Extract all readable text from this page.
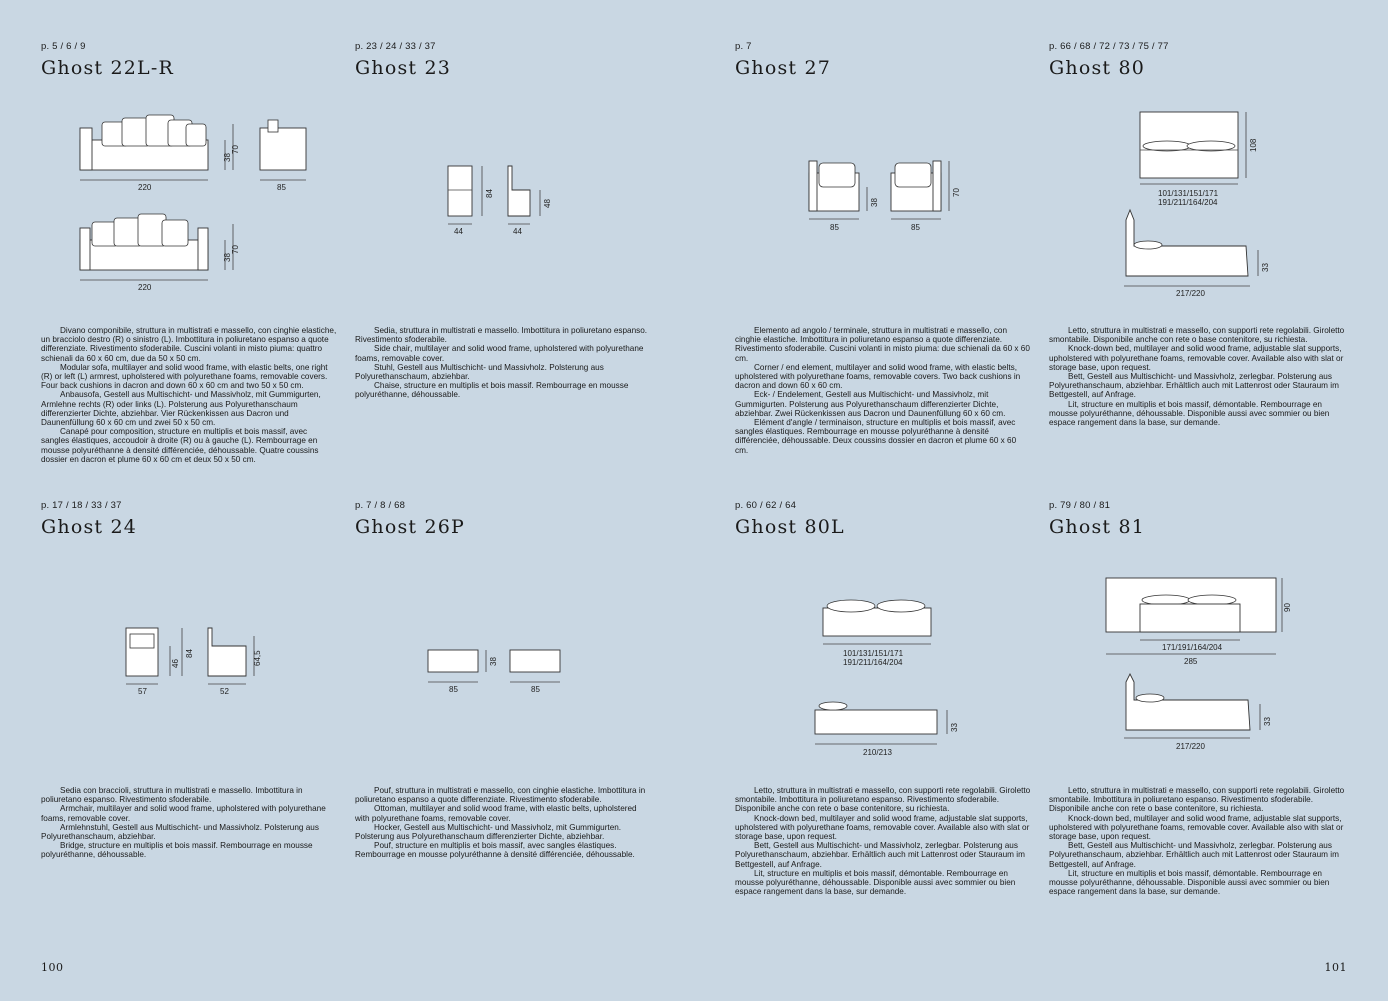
p. 5 / 6 / 9
Ghost 22L-R
220
38
70
85
220
38
70

Divano componibile, struttura in multistrati e massello, con cinghie elastiche, un bracciolo destro (R) o sinistro (L). Imbottitura in poliuretano espanso a quote differenziate. Rivestimento sfoderabile. Cuscini volanti in misto piuma: quattro schienali da 60 x 60 cm, due da 50 x 50 cm.

Modular sofa, multilayer and solid wood frame, with elastic belts, one right (R) or left (L) armrest, upholstered with polyurethane foams, removable covers. Four back cushions in dacron and down 60 x 60 cm and two 50 x 50 cm.

Anbausofa, Gestell aus Multischicht- und Massivholz, mit Gummigurten, Armlehne rechts (R) oder links (L). Polsterung aus Polyurethanschaum differenzierter Dichte, abziehbar. Vier Rückenkissen aus Dacron und Daunenfüllung 60 x 60 cm und zwei 50 x 50 cm.

Canapé pour composition, structure en multiplis et bois massif, avec sangles élastiques, accoudoir à droite (R) ou à gauche (L). Rembourrage en mousse polyuréthanne à densité différenciée, déhoussable. Quatre coussins dossier en dacron et plume 60 x 60 cm et deux 50 x 50 cm.

p. 23 / 24 / 33 / 37
Ghost 23
44
84
44
48

Sedia, struttura in multistrati e massello. Imbottitura in poliuretano espanso. Rivestimento sfoderabile.

Side chair, multilayer and solid wood frame, upholstered with polyurethane foams, removable cover.

Stuhl, Gestell aus Multischicht- und Massivholz. Polsterung aus Polyurethanschaum, abziehbar.

Chaise, structure en multiplis et bois massif. Rembourrage en mousse polyuréthanne, déhoussable.

p. 7
Ghost 27
85
38
85
70

Elemento ad angolo / terminale, struttura in multistrati e massello, con cinghie elastiche. Imbottitura in poliuretano espanso a quote differenziate. Rivestimento sfoderabile. Cuscini volanti in misto piuma: due schienali da 60 x 60 cm.

Corner / end element, multilayer and solid wood frame, with elastic belts, upholstered with polyurethane foams, removable covers. Two back cushions in dacron and down 60 x 60 cm.

Eck- / Endelement, Gestell aus Multischicht- und Massivholz, mit Gummigurten. Polsterung aus Polyurethanschaum differenzierter Dichte, abziehbar. Zwei Rückenkissen aus Dacron und Daunenfüllung 60 x 60 cm.

Elément d'angle / terminaison, structure en multiplis et bois massif, avec sangles élastiques. Rembourrage en mousse polyuréthanne à densité différenciée, déhoussable. Deux coussins dossier en dacron et plume 60 x 60 cm.

p. 66 / 68 / 72 / 73 / 75 / 77
Ghost 80
101/131/151/171
191/211/164/204
108
217/220
33

Letto, struttura in multistrati e massello, con supporti rete regolabili. Giroletto smontabile. Disponibile anche con rete o base contenitore, su richiesta.

Knock-down bed, multilayer and solid wood frame, adjustable slat supports, upholstered with polyurethane foams, removable cover. Available also with slat or storage base, upon request.

Bett, Gestell aus Multischicht- und Massivholz, zerlegbar. Polsterung aus Polyurethanschaum, abziehbar. Erhältlich auch mit Lattenrost oder Stauraum im Bettgestell, auf Anfrage.

Lit, structure en multiplis et bois massif, démontable. Rembourrage en mousse polyuréthanne, déhoussable. Disponible aussi avec sommier ou bien espace rangement dans la base, sur demande.

p. 17 / 18 / 33 / 37
Ghost 24
57
46
84
52
64,5

Sedia con braccioli, struttura in multistrati e massello. Imbottitura in poliuretano espanso. Rivestimento sfoderabile.

Armchair, multilayer and solid wood frame, upholstered with polyurethane foams, removable cover.

Armlehnstuhl, Gestell aus Multischicht- und Massivholz. Polsterung aus Polyurethanschaum, abziehbar.

Bridge, structure en multiplis et bois massif. Rembourrage en mousse polyuréthanne, déhoussable.

p. 7 / 8 / 68
Ghost 26P
85
38
85

Pouf, struttura in multistrati e massello, con cinghie elastiche. Imbottitura in poliuretano espanso a quote differenziate. Rivestimento sfoderabile.

Ottoman, multilayer and solid wood frame, with elastic belts, upholstered with polyurethane foams, removable cover.

Hocker, Gestell aus Multischicht- und Massivholz, mit Gummigurten. Polsterung aus Polyurethanschaum differenzierter Dichte, abziehbar.

Pouf, structure en multiplis et bois massif, avec sangles élastiques. Rembourrage en mousse polyuréthanne à densité différenciée, déhoussable.

p. 60 / 62 / 64
Ghost 80L
101/131/151/171
191/211/164/204
210/213
33

Letto, struttura in multistrati e massello, con supporti rete regolabili. Giroletto smontabile. Imbottitura in poliuretano espanso. Rivestimento sfoderabile. Disponibile anche con rete o base contenitore, su richiesta.

Knock-down bed, multilayer and solid wood frame, adjustable slat supports, upholstered with polyurethane foams, removable cover. Available also with slat or storage base, upon request.

Bett, Gestell aus Multischicht- und Massivholz, zerlegbar. Polsterung aus Polyurethanschaum, abziehbar. Erhältlich auch mit Lattenrost oder Stauraum im Bettgestell, auf Anfrage.

Lit, structure en multiplis et bois massif, démontable. Rembourrage en mousse polyuréthanne, déhoussable. Disponible aussi avec sommier ou bien espace rangement dans la base, sur demande.

p. 79 / 80 / 81
Ghost 81
171/191/164/204
285
90
217/220
33

Letto, struttura in multistrati e massello, con supporti rete regolabili. Giroletto smontabile. Imbottitura in poliuretano espanso. Rivestimento sfoderabile. Disponibile anche con rete o base contenitore, su richiesta.

Knock-down bed, multilayer and solid wood frame, adjustable slat supports, upholstered with polyurethane foams, removable cover. Available also with slat or storage base, upon request.

Bett, Gestell aus Multischicht- und Massivholz, zerlegbar. Polsterung aus Polyurethanschaum, abziehbar. Erhältlich auch mit Lattenrost oder Stauraum im Bettgestell, auf Anfrage.

Lit, structure en multiplis et bois massif, démontable. Rembourrage en mousse polyuréthanne, déhoussable. Disponible aussi avec sommier ou bien espace rangement dans la base, sur demande.

100	101
